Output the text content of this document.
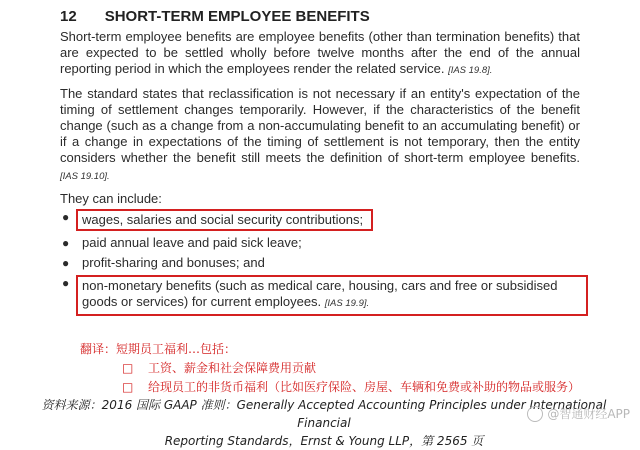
12 SHORT-TERM EMPLOYEE BENEFITS

Short-term employee benefits are employee benefits (other than termination benefits) that are expected to be settled wholly before twelve months after the end of the annual reporting period in which the employees render the related service. [IAS 19.8].

The standard states that reclassification is not necessary if an entity's expectation of the timing of settlement changes temporarily. However, if the characteristics of the benefit change (such as a change from a non-accumulating benefit to an accumulating benefit) or if a change in expectations of the timing of settlement is not temporary, then the entity considers whether the benefit still meets the definition of short-term employee benefits. [IAS 19.10].

They can include:

● wages, salaries and social security contributions;
● paid annual leave and paid sick leave;
● profit-sharing and bonuses; and
● non-monetary benefits (such as medical care, housing, cars and free or subsidised goods or services) for current employees. [IAS 19.9].
翻译：短期员工福利…包括：
□ 工资、薪金和社会保障费用贡献
□ 给现员工的非货币福利（比如医疗保险、房屋、车辆和免费或补助的物品或服务）
资料来源：2016 国际 GAAP 准则：Generally Accepted Accounting Principles under International Financial
Reporting Standards，Ernst & Young LLP，第 2565 页
@智通财经APP
